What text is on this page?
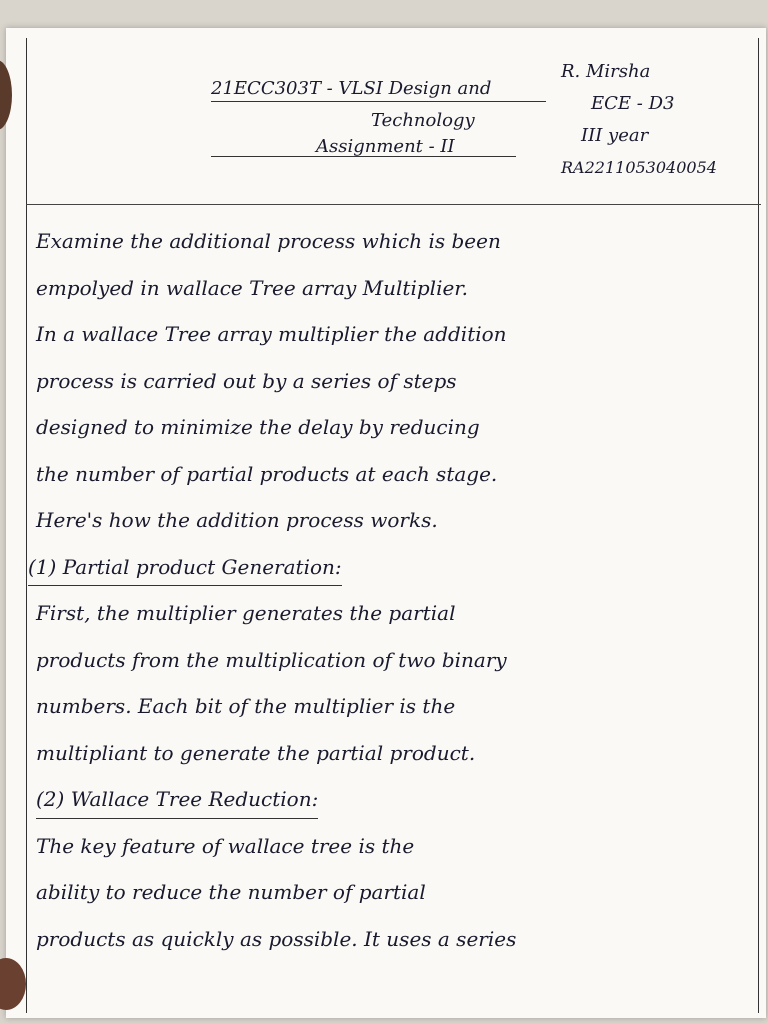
21ECC303T - VLSI Design and
Technology
Assignment - II
R. Mirsha
ECE - D3
III year
RA2211053040054

Examine the additional process which is been

empolyed in wallace Tree array Multiplier.

In a wallace Tree array multiplier the addition

process is carried out by a series of steps

designed to minimize the delay by reducing

the number of partial products at each stage.

Here's how the addition process works.

(1) Partial product Generation:

First, the multiplier generates the partial

products from the multiplication of two binary

numbers. Each bit of the multiplier is the

multipliant to generate the partial product.

(2) Wallace Tree Reduction:

The key feature of wallace tree is the

ability to reduce the number of partial

products as quickly as possible. It uses a series
